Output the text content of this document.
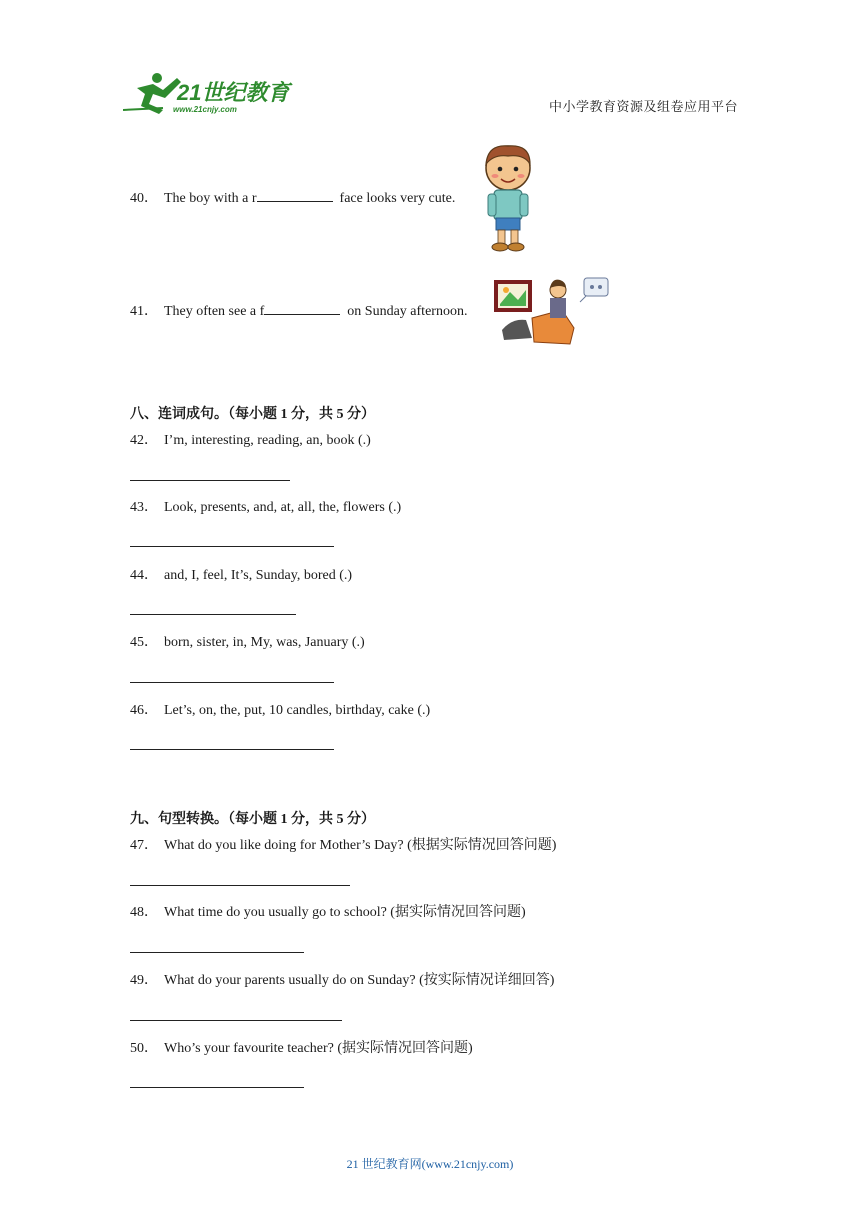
21世纪教育
www.21cnjy.com	中小学教育资源及组卷应用平台
40． The boy with a r	face looks very cute.
41． They often see a f	on Sunday afternoon.
八、连词成句。（每小题 1 分，共 5 分）
42． I’m, interesting, reading, an, book (.)
43． Look, presents, and, at, all, the, flowers (.)
44． and, I, feel, It’s, Sunday, bored (.)
45． born, sister, in, My, was, January (.)
46． Let’s, on, the, put, 10 candles, birthday, cake (.)
九、句型转换。（每小题 1 分，共 5 分）
47． What do you like doing for Mother’s Day? (根据实际情况回答问题)
48． What time do you usually go to school? (据实际情况回答问题)
49． What do your parents usually do on Sunday? (按实际情况详细回答)
50． Who’s your favourite teacher? (据实际情况回答问题)
21 世纪教育网(www.21cnjy.com)
